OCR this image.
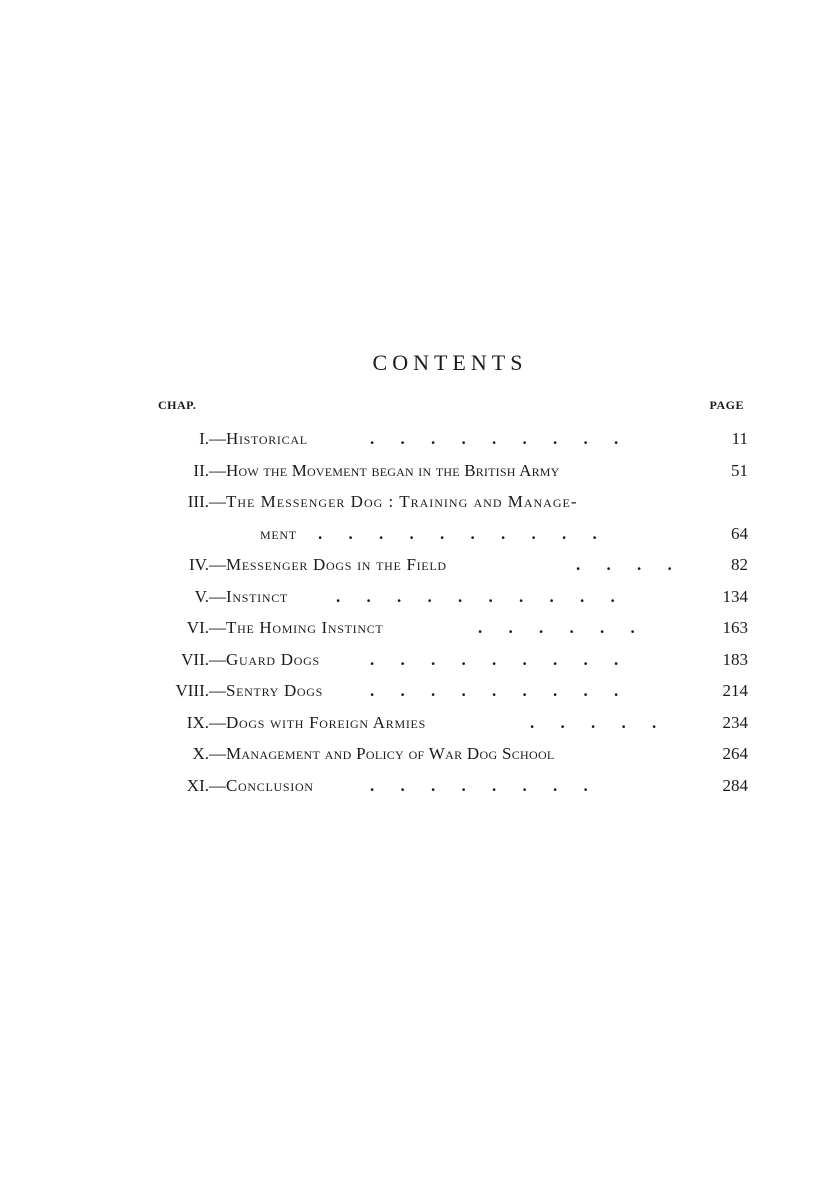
CONTENTS
CHAP.	PAGE
I.— Historical	. . . . . . . . .	11
II.— How the Movement began in the British Army	51
III.— The Messenger Dog : Training and Manage-
ment . . . . . . . . . .	64
IV.— Messenger Dogs in the Field	. . . .	82
V.— Instinct	. . . . . . . . . .	134
VI.— The Homing Instinct	. . . . . .	163
VII.— Guard Dogs	. . . . . . . . .	183
VIII.— Sentry Dogs	. . . . . . . . .	214
IX.— Dogs with Foreign Armies	. . . . .	234
X.— Management and Policy of War Dog School	264
XI.— Conclusion	. . . . . . . .	284
